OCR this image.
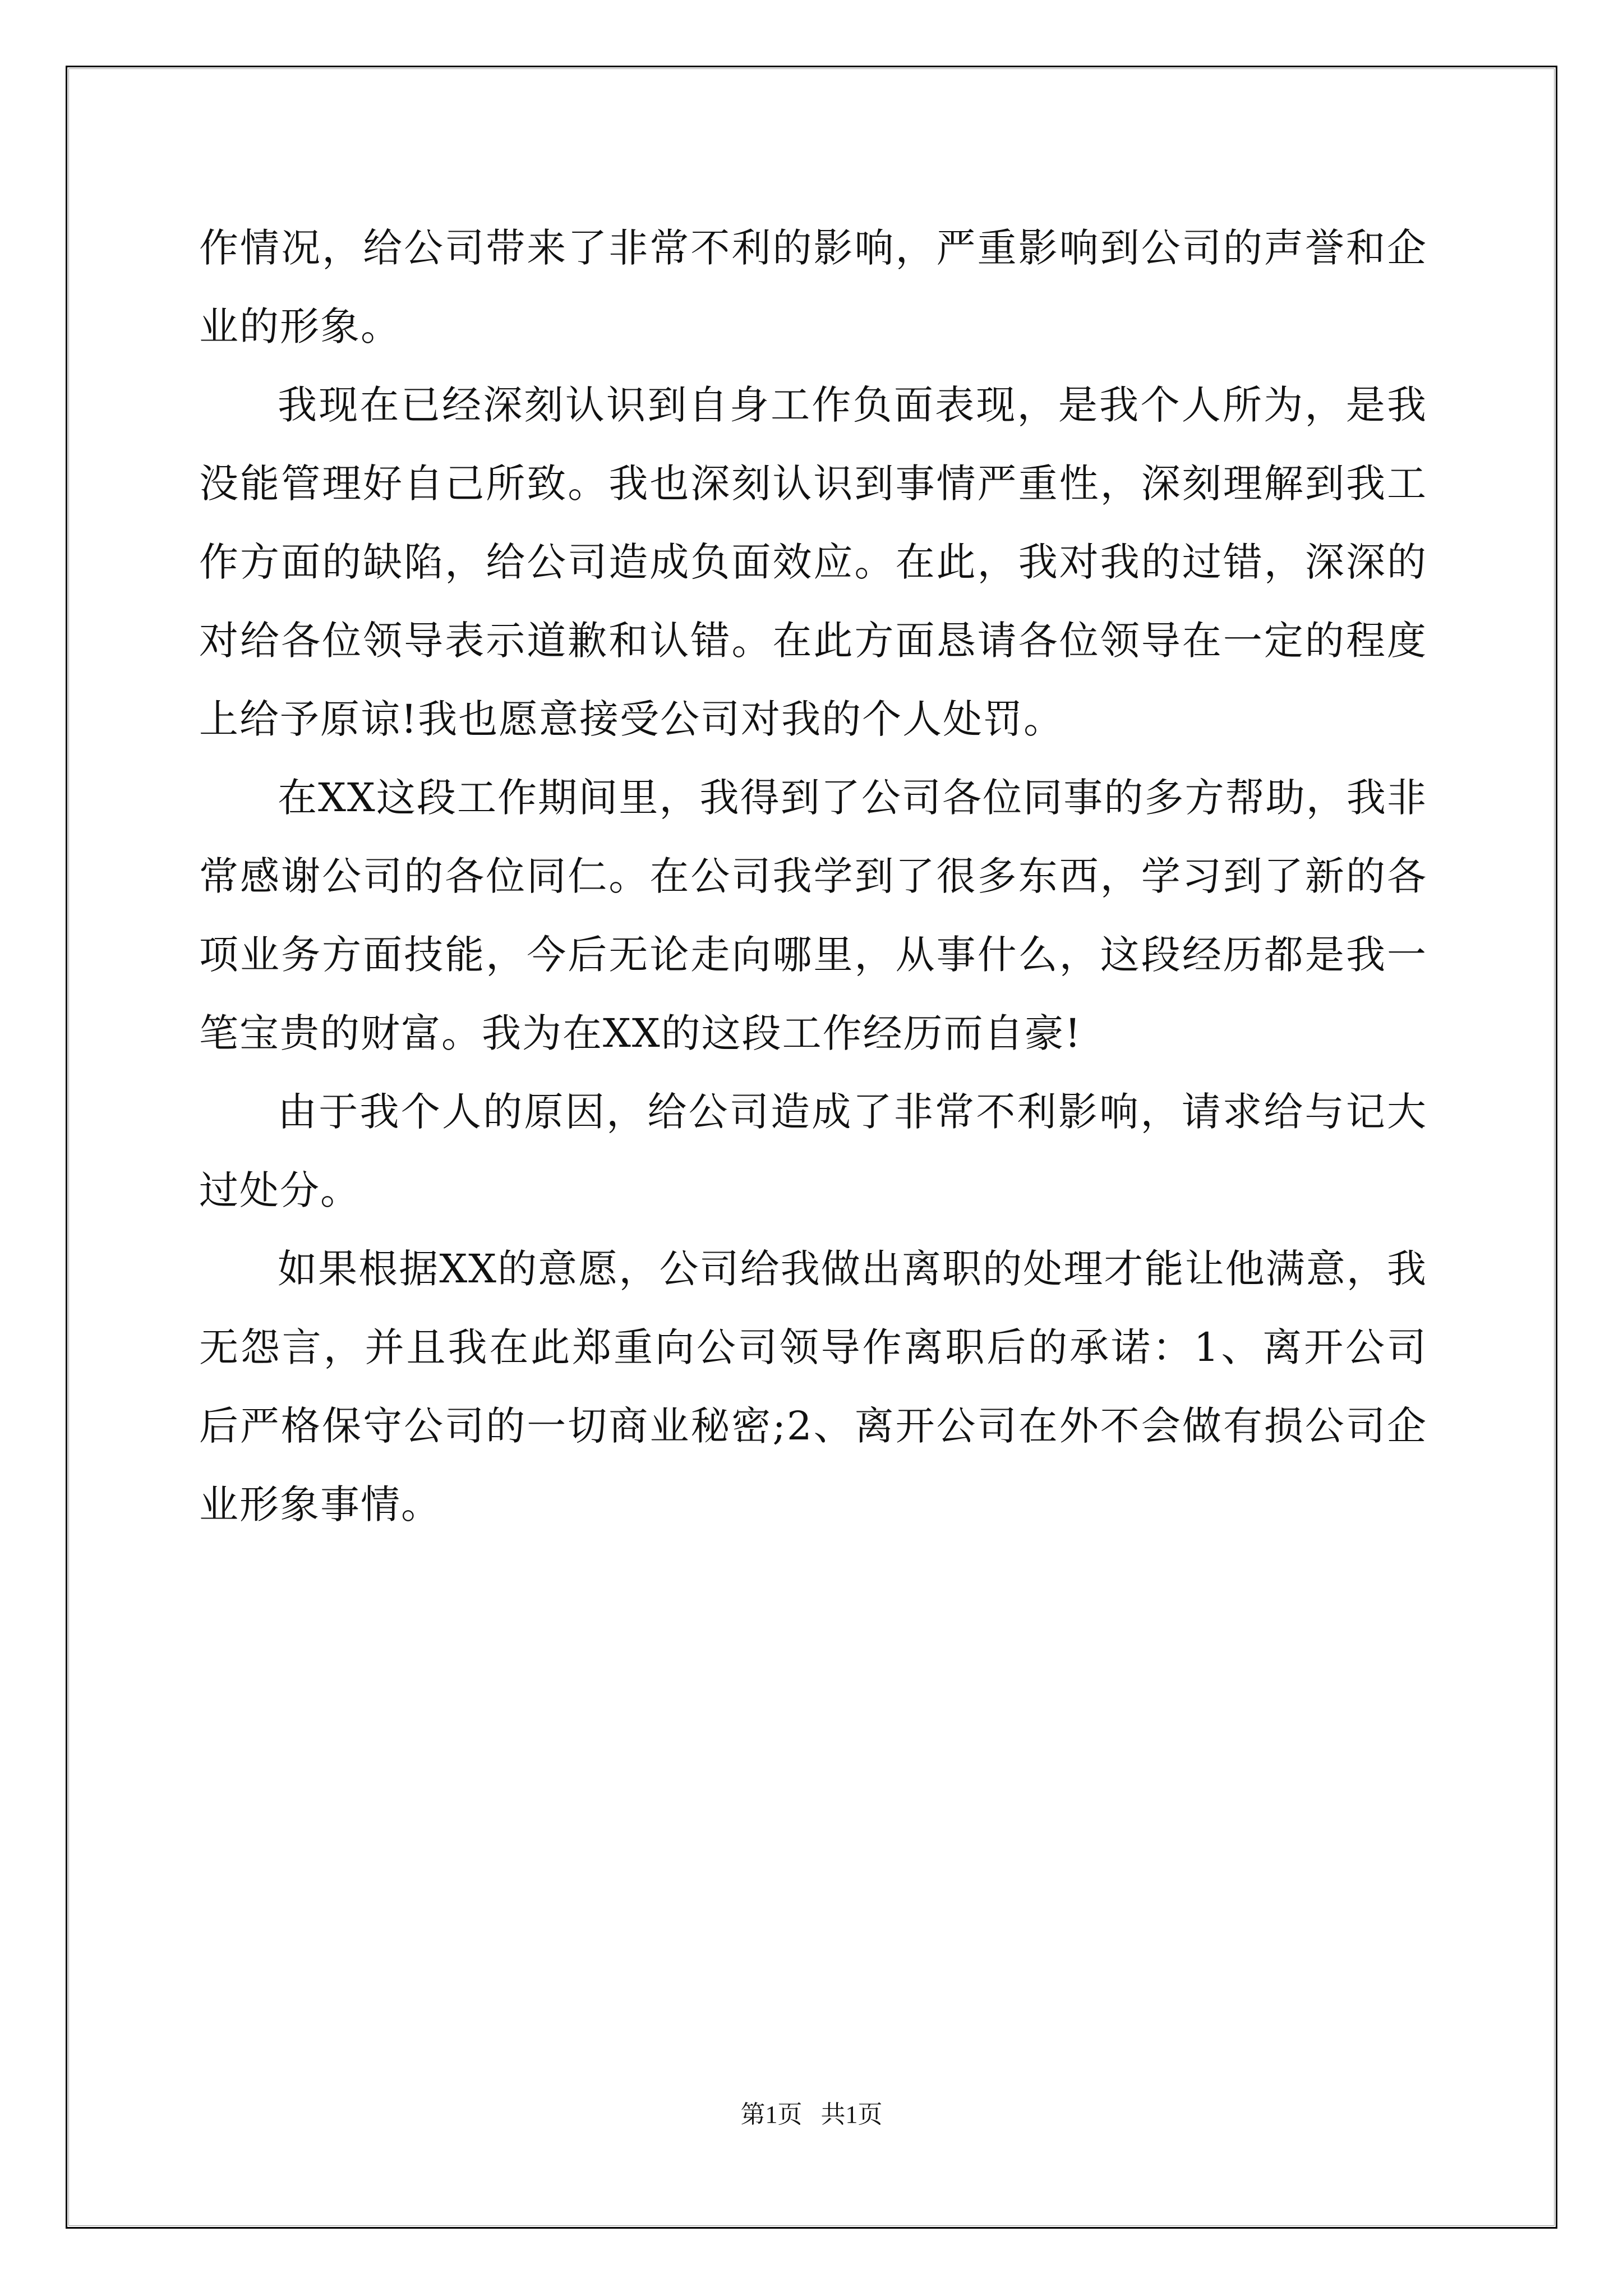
作情况，给公司带来了非常不利的影响，严重影响到公司的声誉和企业的形象。

我现在已经深刻认识到自身工作负面表现，是我个人所为，是我没能管理好自己所致。我也深刻认识到事情严重性，深刻理解到我工作方面的缺陷，给公司造成负面效应。在此，我对我的过错，深深的对给各位领导表示道歉和认错。在此方面恳请各位领导在一定的程度上给予原谅!我也愿意接受公司对我的个人处罚。

在XX这段工作期间里，我得到了公司各位同事的多方帮助，我非常感谢公司的各位同仁。在公司我学到了很多东西，学习到了新的各项业务方面技能，今后无论走向哪里，从事什么，这段经历都是我一笔宝贵的财富。我为在XX的这段工作经历而自豪!

由于我个人的原因，给公司造成了非常不利影响，请求给与记大过处分。

如果根据XX的意愿，公司给我做出离职的处理才能让他满意，我无怨言，并且我在此郑重向公司领导作离职后的承诺：1、离开公司后严格保守公司的一切商业秘密;2、离开公司在外不会做有损公司企业形象事情。

第1页   共1页
